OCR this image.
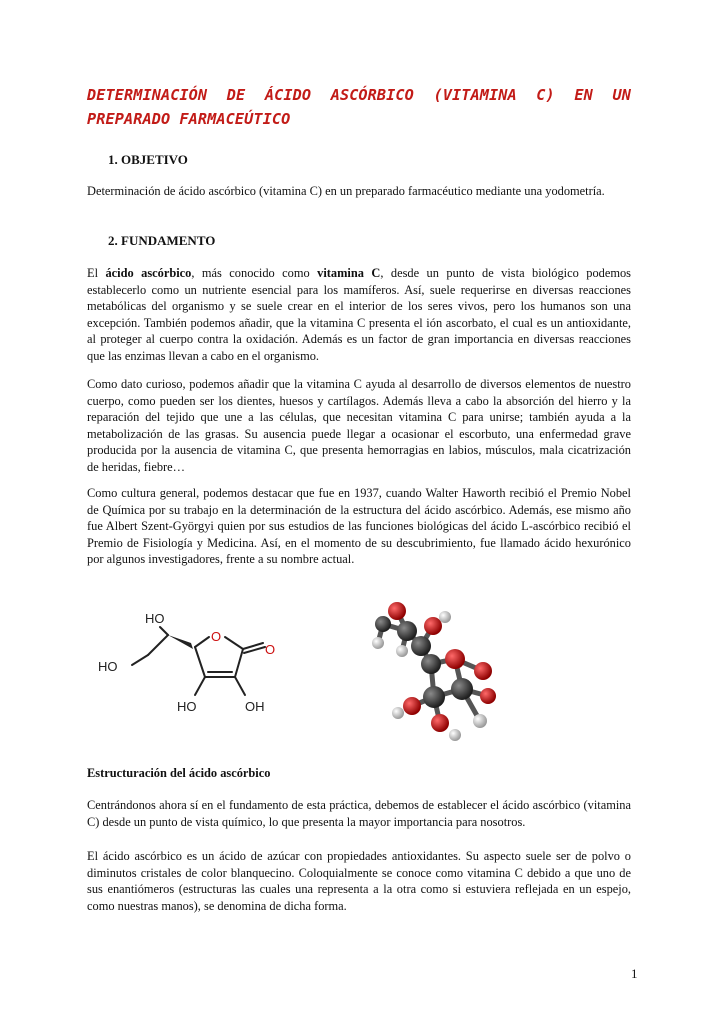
DETERMINACIÓN DE ÁCIDO ASCÓRBICO (VITAMINA C) EN UN PREPARADO FARMACEÚTICO
1. OBJETIVO
Determinación de ácido ascórbico (vitamina C) en un preparado farmacéutico mediante una yodometría.
2. FUNDAMENTO
El ácido ascórbico, más conocido como vitamina C, desde un punto de vista biológico podemos establecerlo como un nutriente esencial para los mamíferos. Así, suele requerirse en diversas reacciones metabólicas del organismo y se suele crear en el interior de los seres vivos, pero los humanos son una excepción. También podemos añadir, que la vitamina C presenta el ión ascorbato, el cual es un antioxidante, al proteger al cuerpo contra la oxidación. Además es un factor de gran importancia en diversas reacciones que las enzimas llevan a cabo en el organismo.
Como dato curioso, podemos añadir que la vitamina C ayuda al desarrollo de diversos elementos de nuestro cuerpo, como pueden ser los dientes, huesos y cartílagos. Además lleva a cabo la absorción del hierro y la reparación del tejido que une a las células, que necesitan vitamina C para unirse; también ayuda a la metabolización de las grasas. Su ausencia puede llegar a ocasionar el escorbuto, una enfermedad grave producida por la ausencia de vitamina C, que presenta hemorragias en labios, músculos, mala cicatrización de heridas, fiebre…
Como cultura general, podemos destacar que fue en 1937, cuando Walter Haworth recibió el Premio Nobel de Química por su trabajo en la determinación de la estructura del ácido ascórbico. Además, ese mismo año fue Albert Szent-Györgyi quien por sus estudios de las funciones biológicas del ácido L-ascórbico recibió el Premio de Fisiología y Medicina. Así, en el momento de su descubrimiento, fue llamado ácido hexurónico por algunos investigadores, frente a su nombre actual.
HO
HO
O
O
HO	OH
Estructuración del ácido ascórbico
Centrándonos ahora sí en el fundamento de esta práctica, debemos de establecer el ácido ascórbico (vitamina C) desde un punto de vista químico, lo que presenta la mayor importancia para nosotros.
El ácido ascórbico es un ácido de azúcar con propiedades antioxidantes. Su aspecto suele ser de polvo o diminutos cristales de color blanquecino. Coloquialmente se conoce como vitamina C debido a que uno de sus enantiómeros (estructuras las cuales una representa a la otra como si estuviera reflejada en un espejo, como nuestras manos), se denomina de dicha forma.
1
